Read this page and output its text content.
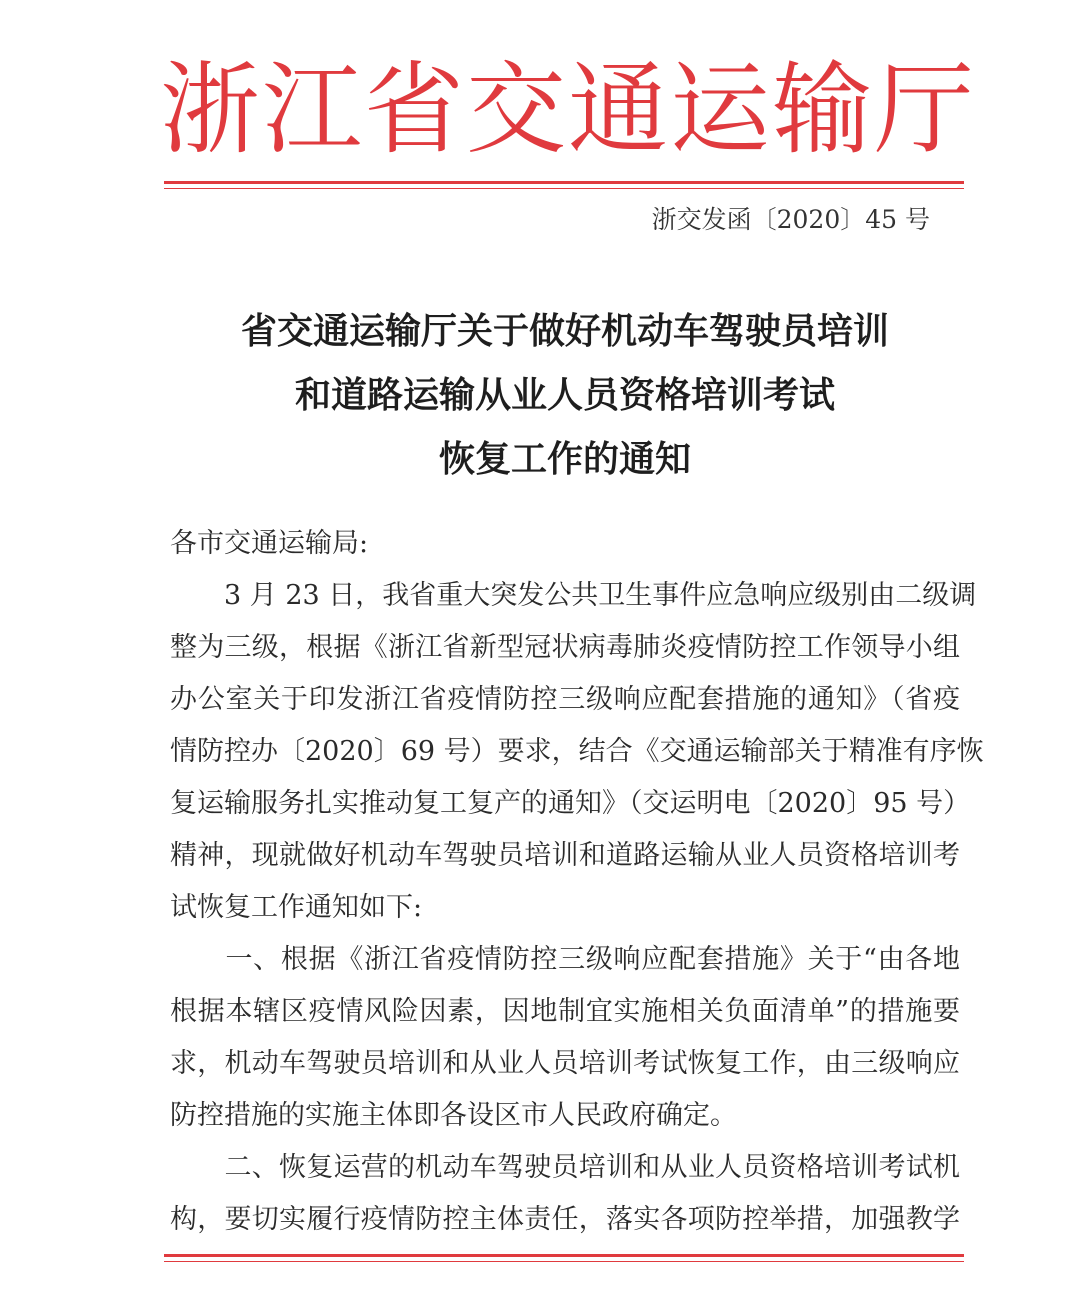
浙江省交通运输厅
浙交发函〔2020〕45 号
省交通运输厅关于做好机动车驾驶员培训
和道路运输从业人员资格培训考试
恢复工作的通知
各市交通运输局:
　　3 月 23 日，我省重大突发公共卫生事件应急响应级别由二级调
整为三级，根据《浙江省新型冠状病毒肺炎疫情防控工作领导小组
办公室关于印发浙江省疫情防控三级响应配套措施的通知》（省疫
情防控办〔2020〕69 号）要求，结合《交通运输部关于精准有序恢
复运输服务扎实推动复工复产的通知》（交运明电〔2020〕95 号）
精神，现就做好机动车驾驶员培训和道路运输从业人员资格培训考
试恢复工作通知如下:
　　一、根据《浙江省疫情防控三级响应配套措施》关于“由各地
根据本辖区疫情风险因素，因地制宜实施相关负面清单”的措施要
求，机动车驾驶员培训和从业人员培训考试恢复工作，由三级响应
防控措施的实施主体即各设区市人民政府确定。
　　二、恢复运营的机动车驾驶员培训和从业人员资格培训考试机
构，要切实履行疫情防控主体责任，落实各项防控举措，加强教学
